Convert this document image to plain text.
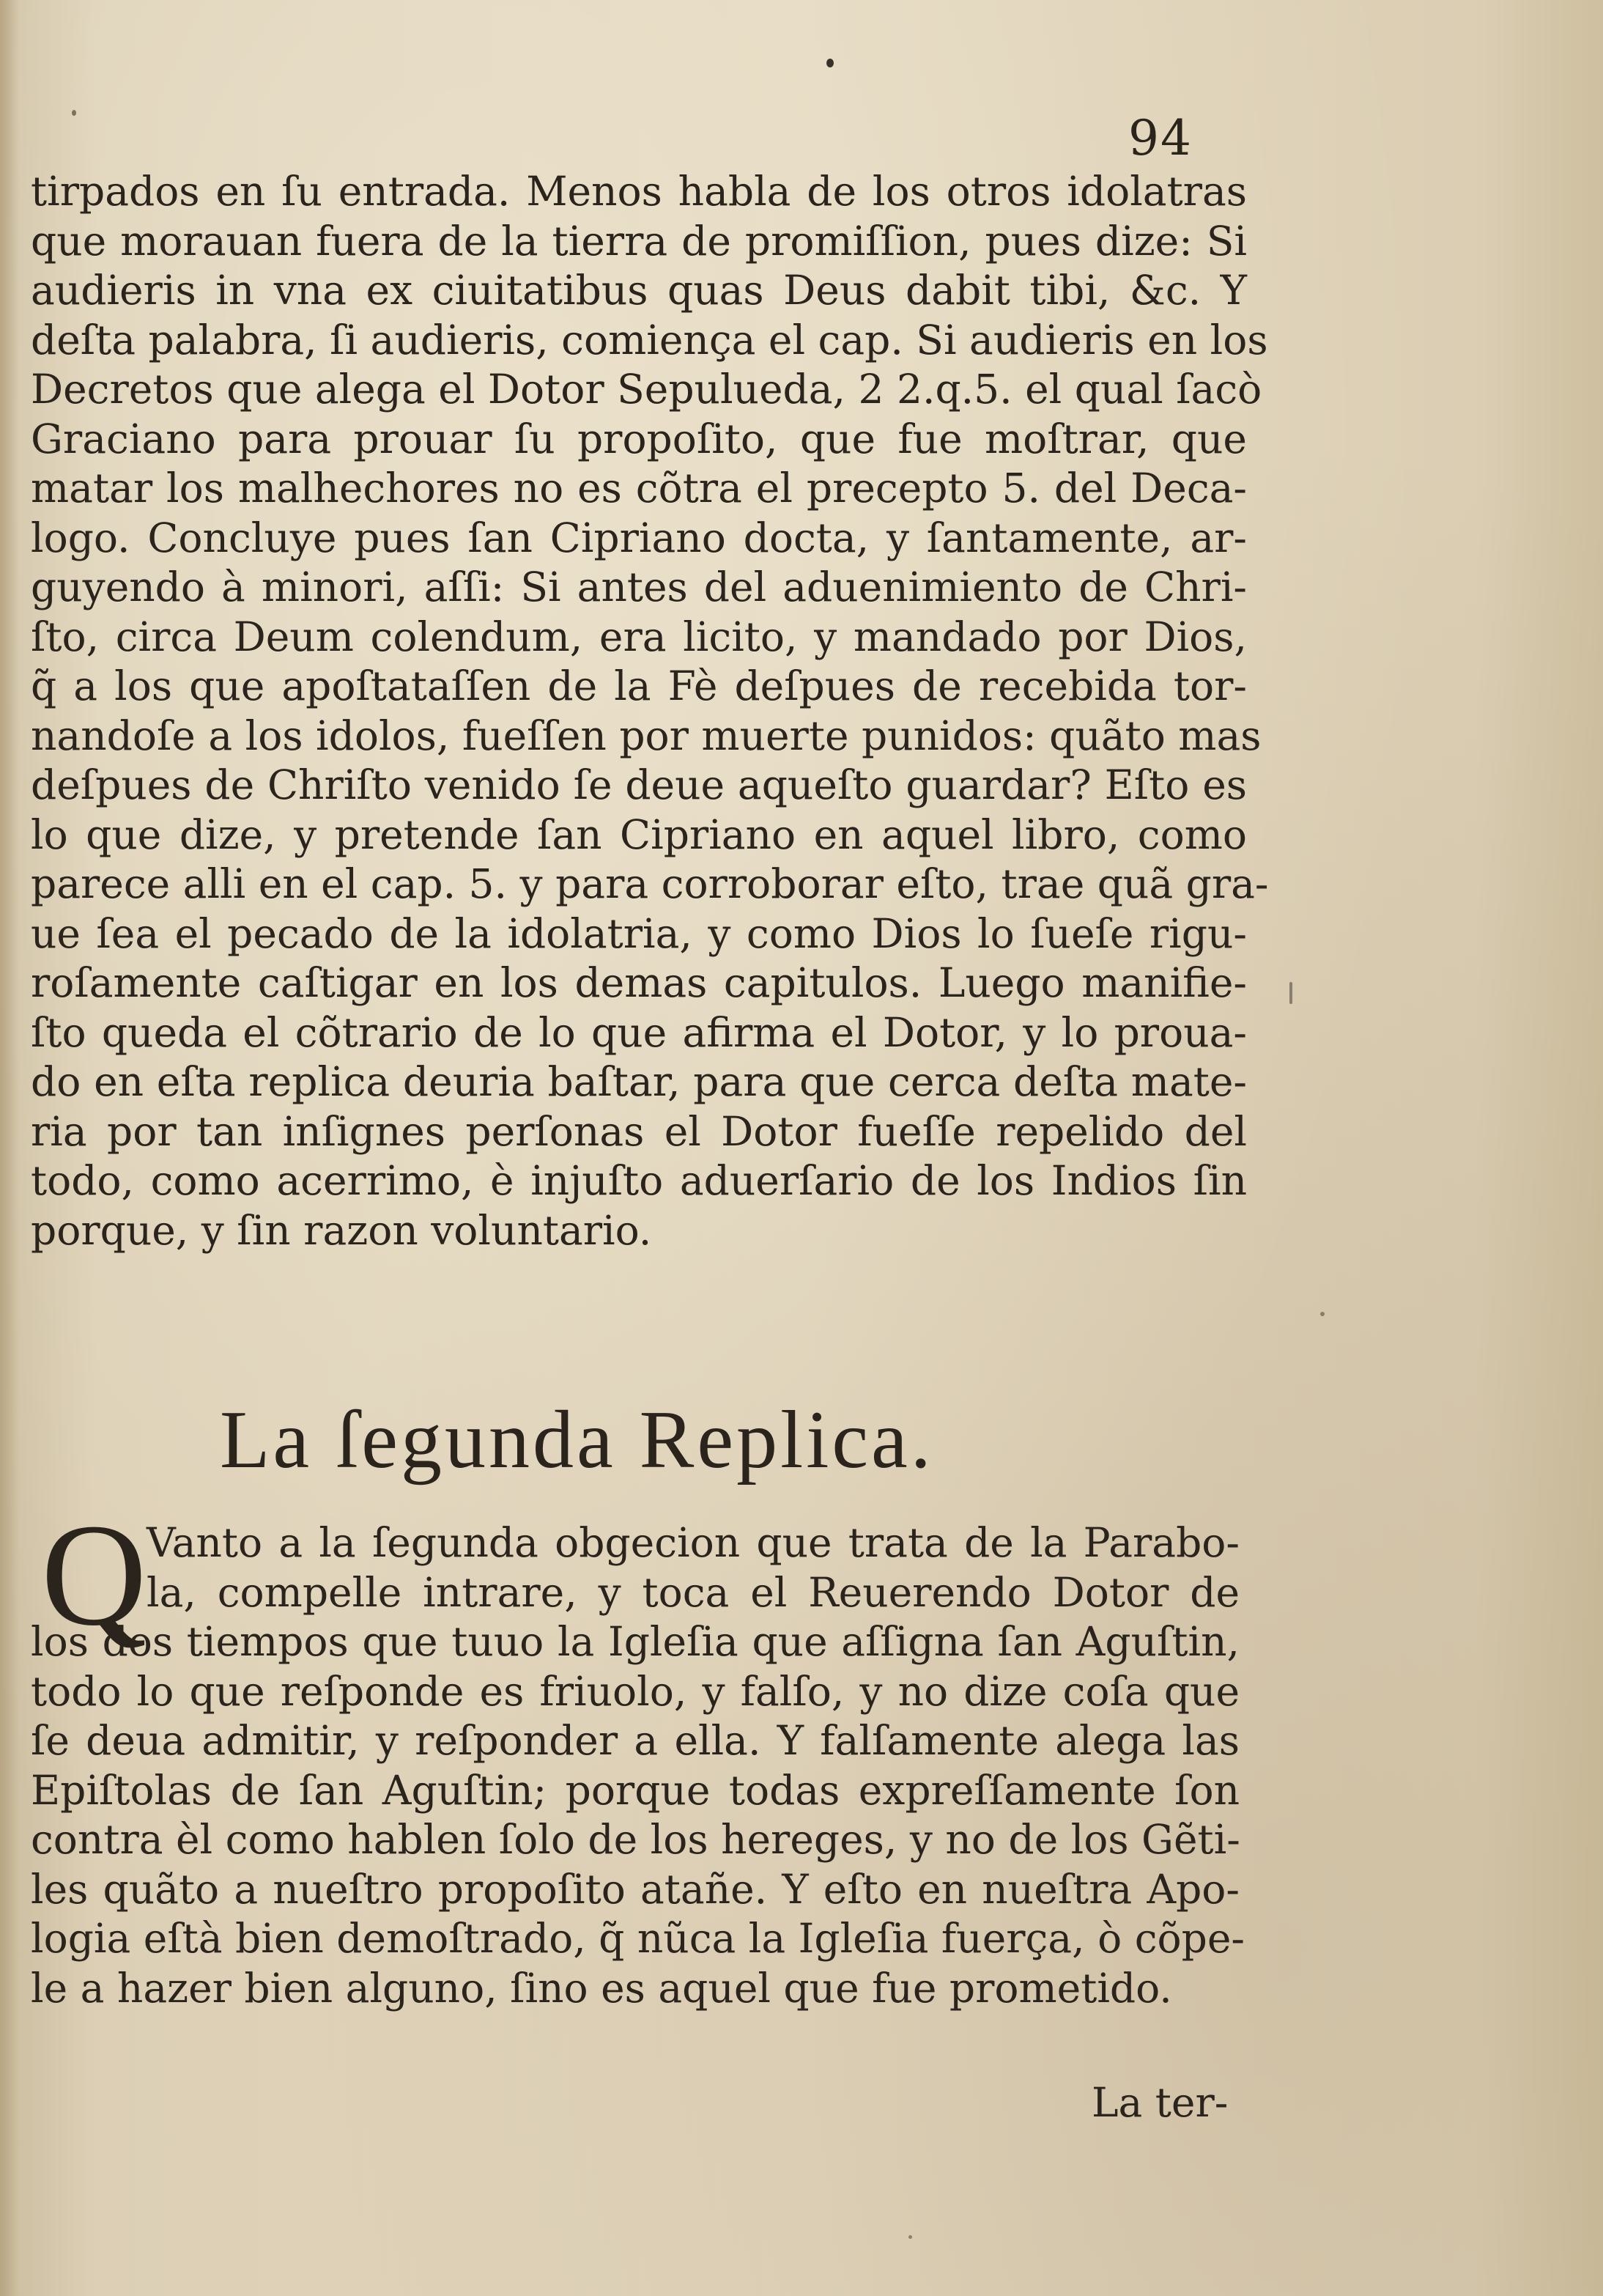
94
tirpados en ſu entrada. Menos habla de los otros idolatras
que morauan fuera de la tierra de promiſſion, pues dize: Si
audieris in vna ex ciuitatibus quas Deus dabit tibi, &c. Y
deſta palabra, ſi audieris, comiença el cap. Si audieris en los
Decretos que alega el Dotor Sepulueda, 2 2.q.5. el qual ſacò
Graciano para prouar ſu propoſito, que fue moſtrar, que
matar los malhechores no es cõtra el precepto 5. del Deca-
logo. Concluye pues ſan Cipriano docta, y ſantamente, ar-
guyendo à minori, aſſi: Si antes del aduenimiento de Chri-
ſto, circa Deum colendum, era licito, y mandado por Dios,
q̃ a los que apoſtataſſen de la Fè deſpues de recebida tor-
nandoſe a los idolos, fueſſen por muerte punidos: quãto mas
deſpues de Chriſto venido ſe deue aqueſto guardar? Eſto es
lo que dize, y pretende ſan Cipriano en aquel libro, como
parece alli en el cap. 5. y para corroborar eſto, trae quã gra-
ue ſea el pecado de la idolatria, y como Dios lo ſueſe rigu-
roſamente caſtigar en los demas capitulos. Luego manifie-
ſto queda el cõtrario de lo que afirma el Dotor, y lo proua-
do en eſta replica deuria baſtar, para que cerca deſta mate-
ria por tan inſignes perſonas el Dotor fueſſe repelido del
todo, como acerrimo, è injuſto aduerſario de los Indios ſin
porque, y ſin razon voluntario.
La ſegunda Replica.
Q Vanto a la ſegunda obgecion que trata de la Parabo-
la, compelle intrare, y toca el Reuerendo Dotor de
los dos tiempos que tuuo la Igleſia que aſſigna ſan Aguſtin,
todo lo que reſponde es friuolo, y falſo, y no dize coſa que
ſe deua admitir, y reſponder a ella. Y falſamente alega las
Epiſtolas de ſan Aguſtin; porque todas expreſſamente ſon
contra èl como hablen ſolo de los hereges, y no de los Gẽti-
les quãto a nueſtro propoſito atañe. Y eſto en nueſtra Apo-
logia eſtà bien demoſtrado, q̃ nũca la Igleſia fuerça, ò cõpe-
le a hazer bien alguno, ſino es aquel que fue prometido.
La ter-
